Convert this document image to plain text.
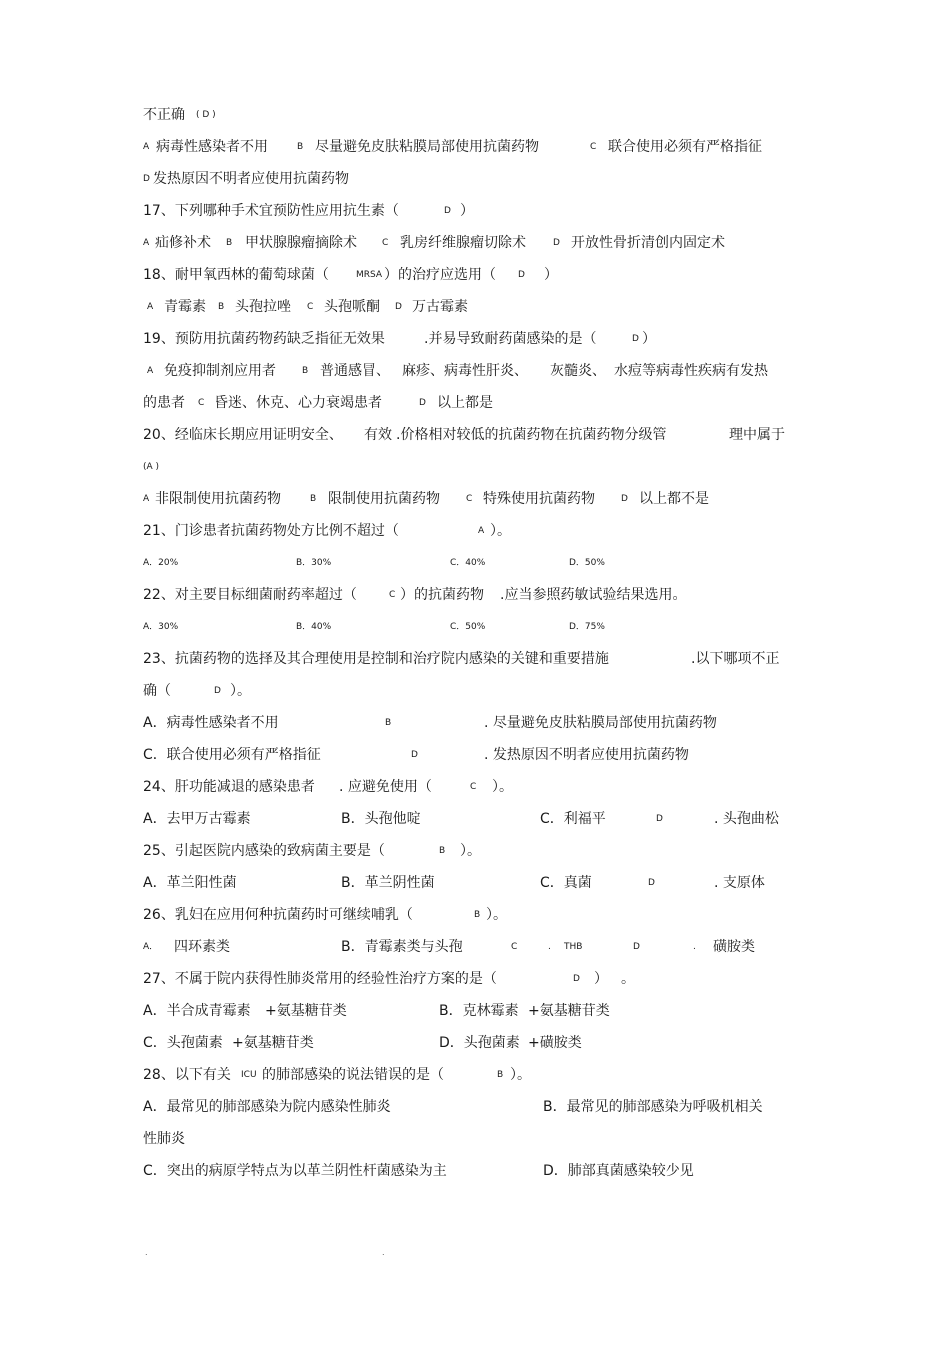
不正确 ( D )
A 病毒性感染者不用	B 尽量避免皮肤粘膜局部使用抗菌药物	C 联合使用必须有严格指征
D 发热原因不明者应使用抗菌药物
17、下列哪种手术宜预防性应用抗生素（	D ）
A 疝修补术 B 甲状腺腺瘤摘除术	C 乳房纤维腺瘤切除术	D 开放性骨折清创内固定术
18、耐甲氧西林的葡萄球菌（	MRSA ）的治疗应选用（ D ）
A 青霉素 B 头孢拉唑 C 头孢哌酮 D 万古霉素
19、预防用抗菌药物药缺乏指征无效果	.并易导致耐药菌感染的是（	D ）
A 免疫抑制剂应用者	B 普通感冒、 麻疹、病毒性肝炎、 灰髓炎、 水痘等病毒性疾病有发热
的患者 C 昏迷、休克、心力衰竭患者	D 以上都是
20、经临床长期应用证明安全、 有效 .价格相对较低的抗菌药物在抗菌药物分级管	理中属于
(A )
A 非限制使用抗菌药物	B 限制使用抗菌药物	C 特殊使用抗菌药物	D 以上都不是
21、门诊患者抗菌药物处方比例不超过（	A ）。
A．20%	B．30%	C．40%	D．50%
22、对主要目标细菌耐药率超过（	C ）的抗菌药物 .应当参照药敏试验结果选用。
A．30%	B．40%	C．50%	D．75%
23、抗菌药物的选择及其合理使用是控制和治疗院内感染的关键和重要措施	.以下哪项不正
确（	D ）。
A．病毒性感染者不用	B	. 尽量避免皮肤粘膜局部使用抗菌药物
C．联合使用必须有严格指征	D	. 发热原因不明者应使用抗菌药物
24、肝功能减退的感染患者 . 应避免使用（	C ）。
A．去甲万古霉素	B．头孢他啶	C．利福平	D	. 头孢曲松
25、引起医院内感染的致病菌主要是（	B ）。
A．革兰阳性菌	B．革兰阴性菌	C．真菌	D	. 支原体
26、乳妇在应用何种抗菌药时可继续哺乳（	B ）。
A． 四环素类	B．青霉素类与头孢	C	. THB	D	. 磺胺类
27、不属于院内获得性肺炎常用的经验性治疗方案的是（	D ） 。
A．半合成青霉素 +氨基糖苷类	B．克林霉素 +氨基糖苷类
C．头孢菌素 +氨基糖苷类	D．头孢菌素 +磺胺类
28、以下有关 ICU 的肺部感染的说法错误的是（	B ）。
A．最常见的肺部感染为院内感染性肺炎	B．最常见的肺部感染为呼吸机相关
性肺炎
C．突出的病原学特点为以革兰阴性杆菌感染为主	D．肺部真菌感染较少见
.	.
